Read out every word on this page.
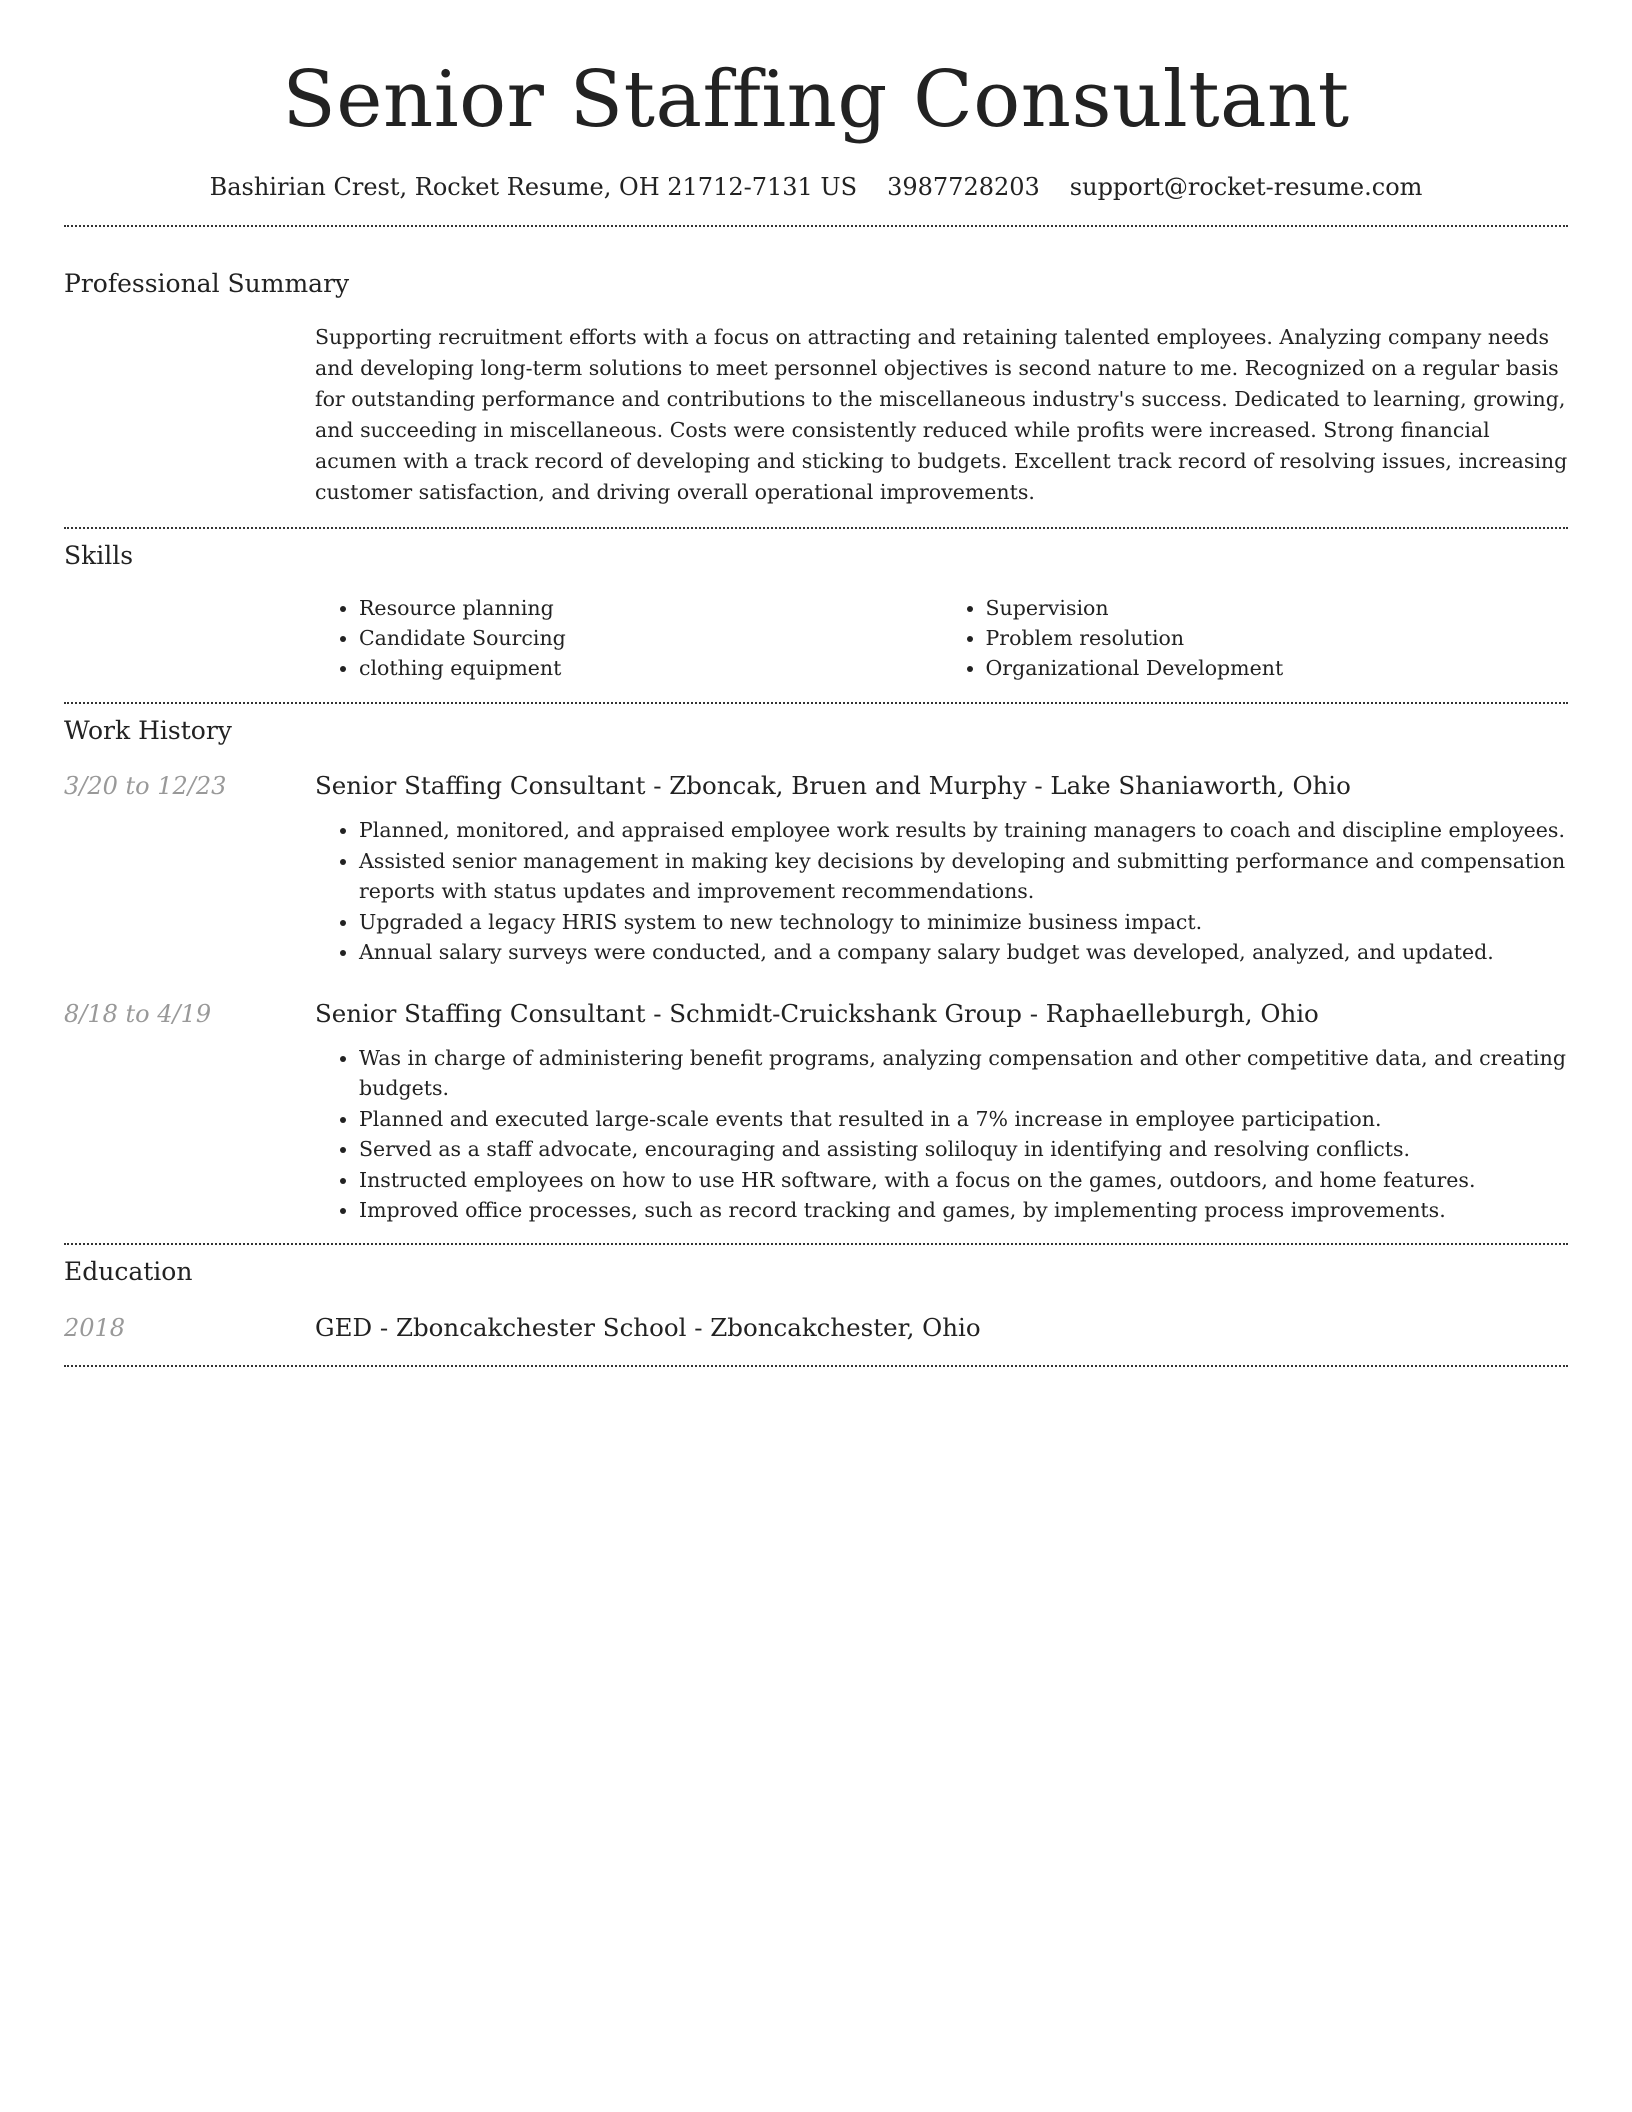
Senior Staffing Consultant
Bashirian Crest, Rocket Resume, OH 21712-7131 US 3987728203 support@rocket-resume.com
Professional Summary

Supporting recruitment efforts with a focus on attracting and retaining talented employees. Analyzing company needs and developing long-term solutions to meet personnel objectives is second nature to me. Recognized on a regular basis for outstanding performance and contributions to the miscellaneous industry's success. Dedicated to learning, growing, and succeeding in miscellaneous. Costs were consistently reduced while profits were increased. Strong financial acumen with a track record of developing and sticking to budgets. Excellent track record of resolving issues, increasing customer satisfaction, and driving overall operational improvements.

Skills
• Resource planning
• Candidate Sourcing
• clothing equipment
• Supervision
• Problem resolution
• Organizational Development
Work History
3/20 to 12/23	Senior Staffing Consultant - Zboncak, Bruen and Murphy - Lake Shaniaworth, Ohio
• Planned, monitored, and appraised employee work results by training managers to coach and discipline employees.
• Assisted senior management in making key decisions by developing and submitting performance and compensation reports with status updates and improvement recommendations.
• Upgraded a legacy HRIS system to new technology to minimize business impact.
• Annual salary surveys were conducted, and a company salary budget was developed, analyzed, and updated.
8/18 to 4/19	Senior Staffing Consultant - Schmidt-Cruickshank Group - Raphaelleburgh, Ohio
• Was in charge of administering benefit programs, analyzing compensation and other competitive data, and creating budgets.
• Planned and executed large-scale events that resulted in a 7% increase in employee participation.
• Served as a staff advocate, encouraging and assisting soliloquy in identifying and resolving conflicts.
• Instructed employees on how to use HR software, with a focus on the games, outdoors, and home features.
• Improved office processes, such as record tracking and games, by implementing process improvements.
Education
2018	GED - Zboncakchester School - Zboncakchester, Ohio
